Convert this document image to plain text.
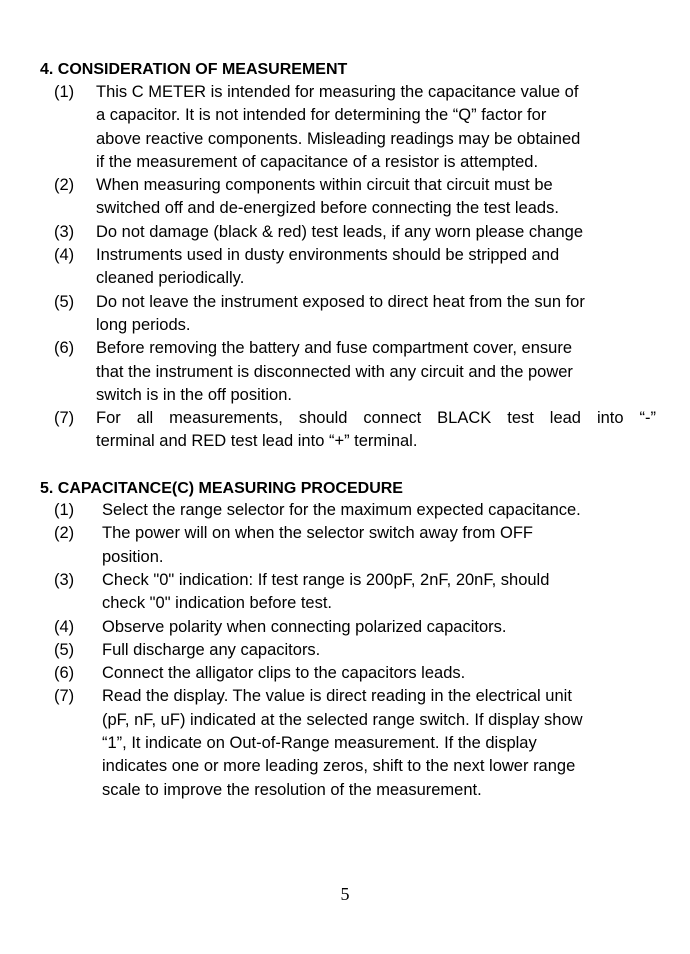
4. CONSIDERATION OF MEASUREMENT
(1) This C METER is intended for measuring the capacitance value of
a capacitor. It is not intended for determining the “Q” factor for
above reactive components. Misleading readings may be obtained
if the measurement of capacitance of a resistor is attempted.
(2) When measuring components within circuit that circuit must be
switched off and de-energized before connecting the test leads.
(3) Do not damage (black & red) test leads, if any worn please change
(4) Instruments used in dusty environments should be stripped and
cleaned periodically.
(5) Do not leave the instrument exposed to direct heat from the sun for
long periods.
(6) Before removing the battery and fuse compartment cover, ensure
that the instrument is disconnected with any circuit and the power
switch is in the off position.
(7) For all measurements, should connect BLACK test lead into “-”
terminal and RED test lead into “+” terminal.
5. CAPACITANCE(C) MEASURING PROCEDURE
(1) Select the range selector for the maximum expected capacitance.
(2) The power will on when the selector switch away from OFF
position.
(3) Check "0" indication: If test range is 200pF, 2nF, 20nF, should
check "0" indication before test.
(4) Observe polarity when connecting polarized capacitors.
(5) Full discharge any capacitors.
(6) Connect the alligator clips to the capacitors leads.
(7) Read the display. The value is direct reading in the electrical unit
(pF, nF, uF) indicated at the selected range switch. If display show
“1”, It indicate on Out-of-Range measurement. If the display
indicates one or more leading zeros, shift to the next lower range
scale to improve the resolution of the measurement.
5
